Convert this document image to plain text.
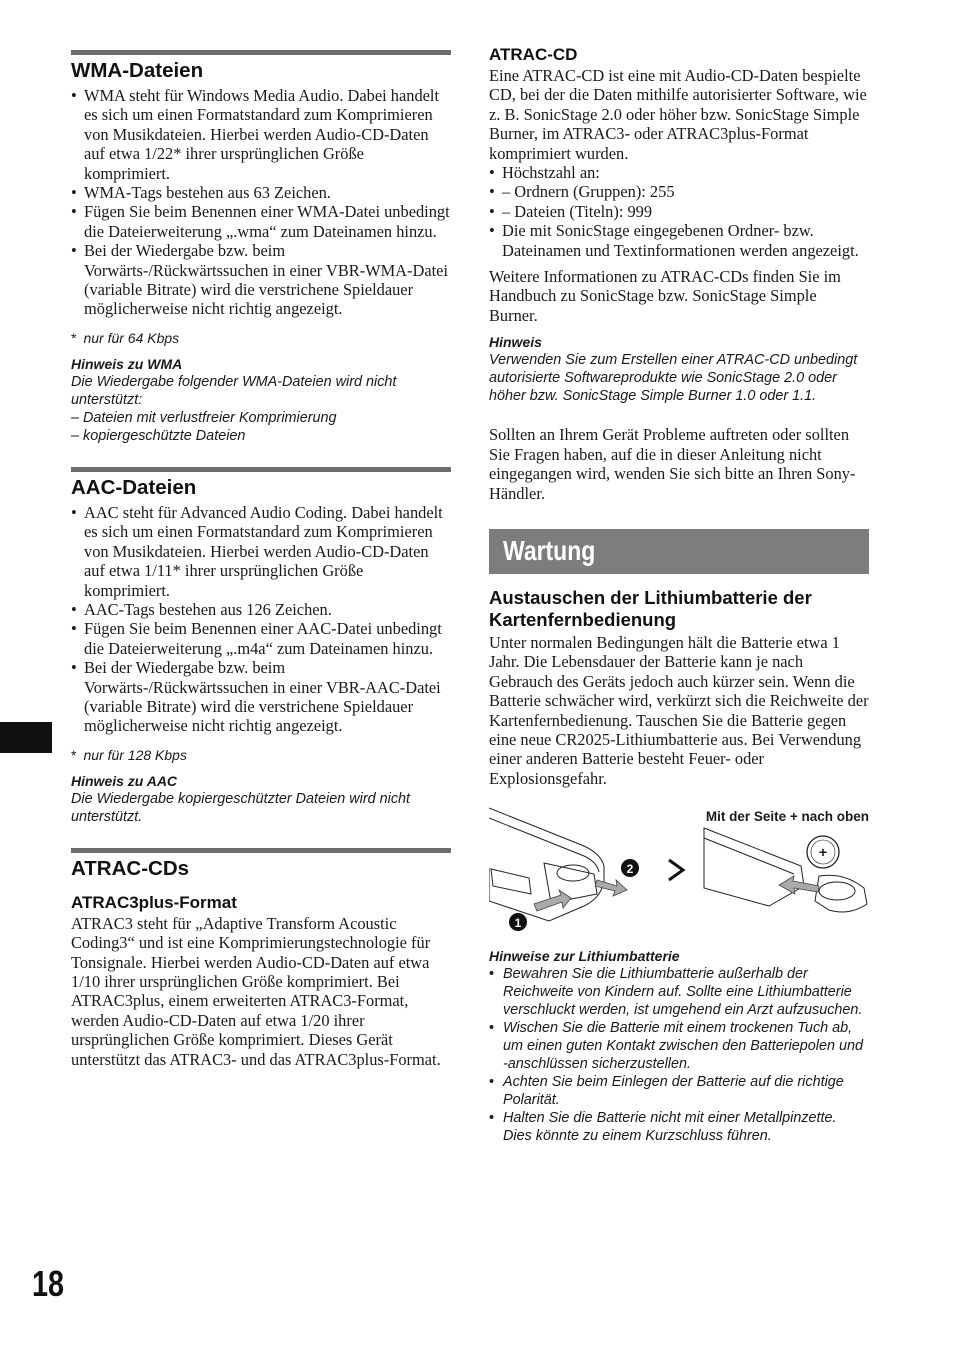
18
WMA-Dateien
• WMA steht für Windows Media Audio. Dabei handelt es sich um einen Formatstandard zum Komprimieren von Musikdateien. Hierbei werden Audio-CD-Daten auf etwa 1/22* ihrer ursprünglichen Größe komprimiert.
• WMA-Tags bestehen aus 63 Zeichen.
• Fügen Sie beim Benennen einer WMA-Datei unbedingt die Dateierweiterung „.wma“ zum Dateinamen hinzu.
• Bei der Wiedergabe bzw. beim Vorwärts-/Rückwärtssuchen in einer VBR-WMA-Datei (variable Bitrate) wird die verstrichene Spieldauer möglicherweise nicht richtig angezeigt.
* nur für 64 Kbps
Hinweis zu WMA

Die Wiedergabe folgender WMA-Dateien wird nicht unterstützt:

– Dateien mit verlustfreier Komprimierung

– kopiergeschützte Dateien

AAC-Dateien
• AAC steht für Advanced Audio Coding. Dabei handelt es sich um einen Formatstandard zum Komprimieren von Musikdateien. Hierbei werden Audio-CD-Daten auf etwa 1/11* ihrer ursprünglichen Größe komprimiert.
• AAC-Tags bestehen aus 126 Zeichen.
• Fügen Sie beim Benennen einer AAC-Datei unbedingt die Dateierweiterung „.m4a“ zum Dateinamen hinzu.
• Bei der Wiedergabe bzw. beim Vorwärts-/Rückwärtssuchen in einer VBR-AAC-Datei (variable Bitrate) wird die verstrichene Spieldauer möglicherweise nicht richtig angezeigt.
* nur für 128 Kbps
Hinweis zu AAC

Die Wiedergabe kopiergeschützter Dateien wird nicht unterstützt.

ATRAC-CDs
ATRAC3plus-Format

ATRAC3 steht für „Adaptive Transform Acoustic Coding3“ und ist eine Komprimierungstechnologie für Tonsignale. Hierbei werden Audio-CD-Daten auf etwa 1/10 ihrer ursprünglichen Größe komprimiert. Bei ATRAC3plus, einem erweiterten ATRAC3-Format, werden Audio-CD-Daten auf etwa 1/20 ihrer ursprünglichen Größe komprimiert. Dieses Gerät unterstützt das ATRAC3- und das ATRAC3plus-Format.

ATRAC-CD

Eine ATRAC-CD ist eine mit Audio-CD-Daten bespielte CD, bei der die Daten mithilfe autorisierter Software, wie z. B. SonicStage 2.0 oder höher bzw. SonicStage Simple Burner, im ATRAC3- oder ATRAC3plus-Format komprimiert wurden.

• Höchstzahl an:
• – Ordnern (Gruppen): 255
• – Dateien (Titeln): 999
• Die mit SonicStage eingegebenen Ordner- bzw. Dateinamen und Textinformationen werden angezeigt.

Weitere Informationen zu ATRAC-CDs finden Sie im Handbuch zu SonicStage bzw. SonicStage Simple Burner.

Hinweis

Verwenden Sie zum Erstellen einer ATRAC-CD unbedingt autorisierte Softwareprodukte wie SonicStage 2.0 oder höher bzw. SonicStage Simple Burner 1.0 oder 1.1.

Sollten an Ihrem Gerät Probleme auftreten oder sollten Sie Fragen haben, auf die in dieser Anleitung nicht eingegangen wird, wenden Sie sich bitte an Ihren Sony-Händler.

Wartung
Austauschen der Lithiumbatterie der Kartenfernbedienung

Unter normalen Bedingungen hält die Batterie etwa 1 Jahr. Die Lebensdauer der Batterie kann je nach Gebrauch des Geräts jedoch auch kürzer sein. Wenn die Batterie schwächer wird, verkürzt sich die Reichweite der Kartenfernbedienung. Tauschen Sie die Batterie gegen eine neue CR2025-Lithiumbatterie aus. Bei Verwendung einer anderen Batterie besteht Feuer- oder Explosionsgefahr.

Mit der Seite + nach oben
2
1
+
Hinweise zur Lithiumbatterie
• Bewahren Sie die Lithiumbatterie außerhalb der Reichweite von Kindern auf. Sollte eine Lithiumbatterie verschluckt werden, ist umgehend ein Arzt aufzusuchen.
• Wischen Sie die Batterie mit einem trockenen Tuch ab, um einen guten Kontakt zwischen den Batteriepolen und -anschlüssen sicherzustellen.
• Achten Sie beim Einlegen der Batterie auf die richtige Polarität.
• Halten Sie die Batterie nicht mit einer Metallpinzette. Dies könnte zu einem Kurzschluss führen.
